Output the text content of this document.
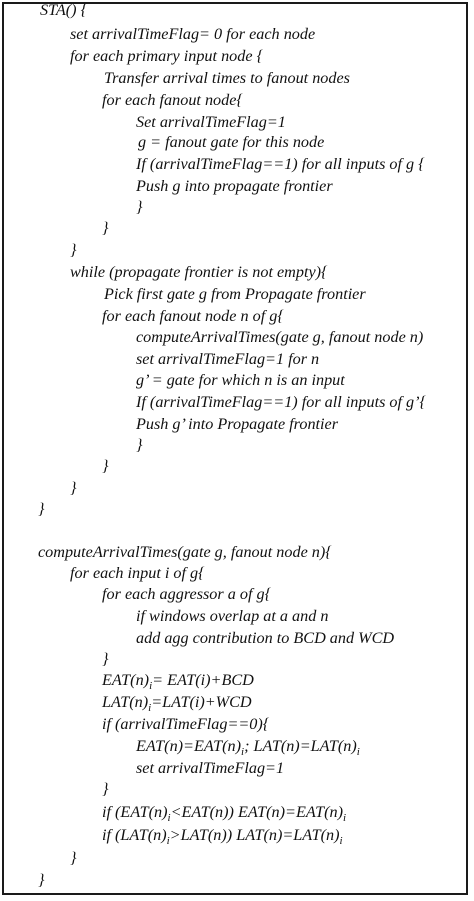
STA() {
set arrivalTimeFlag= 0 for each node
for each primary input node {
Transfer arrival times to fanout nodes
for each fanout node{
Set arrivalTimeFlag=1
g = fanout gate for this node
If (arrivalTimeFlag==1) for all inputs of g {
Push g into propagate frontier
}
}
}
while (propagate frontier is not empty){
Pick first gate g from Propagate frontier
for each fanout node n of g{
computeArrivalTimes(gate g, fanout node n)
set arrivalTimeFlag=1 for n
g’ = gate for which n is an input
If (arrivalTimeFlag==1) for all inputs of g’{
Push g’ into Propagate frontier
}
}
}
}
computeArrivalTimes(gate g, fanout node n){
for each input i of g{
for each aggressor a of g{
if windows overlap at a and n
add agg contribution to BCD and WCD
}
$EAT(n)_i= EAT(i)+BCD$
$LAT(n)_i=LAT(i)+WCD$
if (arrivalTimeFlag==0){
$EAT(n)=EAT(n)_i$; $LAT(n)=LAT(n)_i$
set arrivalTimeFlag=1
}
if $(EAT(n)_i<EAT(n))$ $EAT(n)=EAT(n)_i$
if $(LAT(n)_i>LAT(n))$ $LAT(n)=LAT(n)_i$
}
}
